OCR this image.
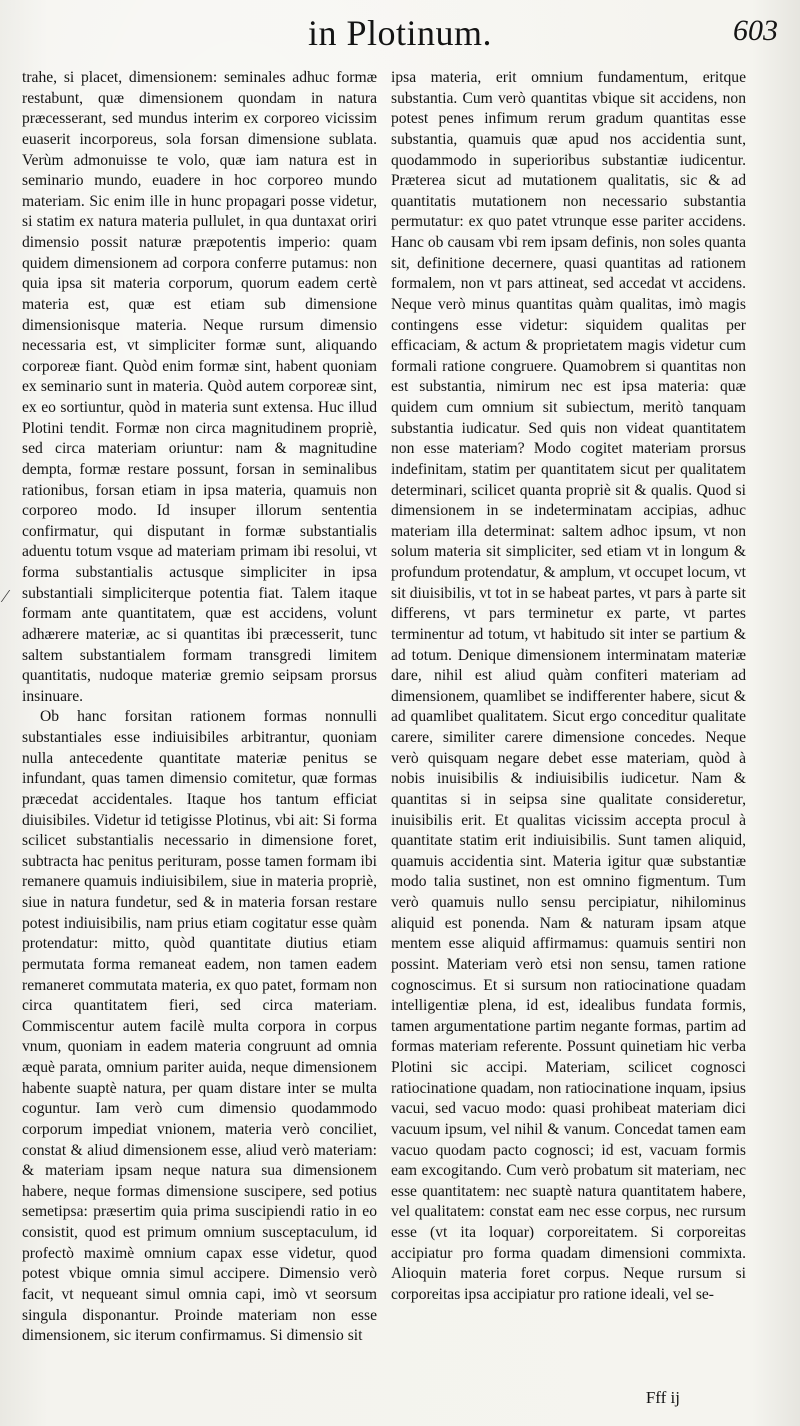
in Plotinum.	603

trahe, si placet, dimensionem: seminales adhuc formæ restabunt, quæ dimensionem quondam in natura præcesserant, sed mundus interim ex corporeo vicissim euaserit incorporeus, sola forsan dimensione sublata. Verùm admonuisse te volo, quæ iam natura est in seminario mundo, euadere in hoc corporeo mundo materiam. Sic enim ille in hunc propagari posse videtur, si statim ex natura materia pullulet, in qua duntaxat oriri dimensio possit naturæ præpotentis imperio: quam quidem dimensionem ad corpora conferre putamus: non quia ipsa sit materia corporum, quorum eadem certè materia est, quæ est etiam sub dimensione dimensionisque materia. Neque rursum dimensio necessaria est, vt simpliciter formæ sunt, aliquando corporeæ fiant. Quòd enim formæ sint, habent quoniam ex seminario sunt in materia. Quòd autem corporeæ sint, ex eo sortiuntur, quòd in materia sunt extensa. Huc illud Plotini tendit. Formæ non circa magnitudinem propriè, sed circa materiam oriuntur: nam & magnitudine dempta, formæ restare possunt, forsan in seminalibus rationibus, forsan etiam in ipsa materia, quamuis non corporeo modo. Id insuper illorum sententia confirmatur, qui disputant in formæ substantialis aduentu totum vsque ad materiam primam ibi resolui, vt forma substantialis actusque simpliciter in ipsa substantiali simpliciterque potentia fiat. Talem itaque formam ante quantitatem, quæ est accidens, volunt adhærere materiæ, ac si quantitas ibi præcesserit, tunc saltem substantialem formam transgredi limitem quantitatis, nudoque materiæ gremio seipsam prorsus insinuare.

Ob hanc forsitan rationem formas nonnulli substantiales esse indiuisibiles arbitrantur, quoniam nulla antecedente quantitate materiæ penitus se infundant, quas tamen dimensio comitetur, quæ formas præcedat accidentales. Itaque hos tantum efficiat diuisibiles. Videtur id tetigisse Plotinus, vbi ait: Si forma scilicet substantialis necessario in dimensione foret, subtracta hac penitus perituram, posse tamen formam ibi remanere quamuis indiuisibilem, siue in materia propriè, siue in natura fundetur, sed & in materia forsan restare potest indiuisibilis, nam prius etiam cogitatur esse quàm protendatur: mitto, quòd quantitate diutius etiam permutata forma remaneat eadem, non tamen eadem remaneret commutata materia, ex quo patet, formam non circa quantitatem fieri, sed circa materiam. Commiscentur autem facilè multa corpora in corpus vnum, quoniam in eadem materia congruunt ad omnia æquè parata, omnium pariter auida, neque dimensionem habente suaptè natura, per quam distare inter se multa coguntur. Iam verò cum dimensio quodammodo corporum impediat vnionem, materia verò conciliet, constat & aliud dimensionem esse, aliud verò materiam: & materiam ipsam neque natura sua dimensionem habere, neque formas dimensione suscipere, sed potius semetipsa: præsertim quia prima suscipiendi ratio in eo consistit, quod est primum omnium susceptaculum, id profectò maximè omnium capax esse videtur, quod potest vbique omnia simul accipere. Dimensio verò facit, vt nequeant simul omnia capi, imò vt seorsum singula disponantur. Proinde materiam non esse dimensionem, sic iterum confirmamus. Si dimensio sit

ipsa materia, erit omnium fundamentum, eritque substantia. Cum verò quantitas vbique sit accidens, non potest penes infimum rerum gradum quantitas esse substantia, quamuis quæ apud nos accidentia sunt, quodammodo in superioribus substantiæ iudicentur. Præterea sicut ad mutationem qualitatis, sic & ad quantitatis mutationem non necessario substantia permutatur: ex quo patet vtrunque esse pariter accidens. Hanc ob causam vbi rem ipsam definis, non soles quanta sit, definitione decernere, quasi quantitas ad rationem formalem, non vt pars attineat, sed accedat vt accidens. Neque verò minus quantitas quàm qualitas, imò magis contingens esse videtur: siquidem qualitas per efficaciam, & actum & proprietatem magis videtur cum formali ratione congruere. Quamobrem si quantitas non est substantia, nimirum nec est ipsa materia: quæ quidem cum omnium sit subiectum, meritò tanquam substantia iudicatur. Sed quis non videat quantitatem non esse materiam? Modo cogitet materiam prorsus indefinitam, statim per quantitatem sicut per qualitatem determinari, scilicet quanta propriè sit & qualis. Quod si dimensionem in se indeterminatam accipias, adhuc materiam illa determinat: saltem adhoc ipsum, vt non solum materia sit simpliciter, sed etiam vt in longum & profundum protendatur, & amplum, vt occupet locum, vt sit diuisibilis, vt tot in se habeat partes, vt pars à parte sit differens, vt pars terminetur ex parte, vt partes terminentur ad totum, vt habitudo sit inter se partium & ad totum. Denique dimensionem interminatam materiæ dare, nihil est aliud quàm confiteri materiam ad dimensionem, quamlibet se indifferenter habere, sicut & ad quamlibet qualitatem. Sicut ergo conceditur qualitate carere, similiter carere dimensione concedes. Neque verò quisquam negare debet esse materiam, quòd à nobis inuisibilis & indiuisibilis iudicetur. Nam & quantitas si in seipsa sine qualitate consideretur, inuisibilis erit. Et qualitas vicissim accepta procul à quantitate statim erit indiuisibilis. Sunt tamen aliquid, quamuis accidentia sint. Materia igitur quæ substantiæ modo talia sustinet, non est omnino figmentum. Tum verò quamuis nullo sensu percipiatur, nihilominus aliquid est ponenda. Nam & naturam ipsam atque mentem esse aliquid affirmamus: quamuis sentiri non possint. Materiam verò etsi non sensu, tamen ratione cognoscimus. Et si sursum non ratiocinatione quadam intelligentiæ plena, id est, idealibus fundata formis, tamen argumentatione partim negante formas, partim ad formas materiam referente. Possunt quinetiam hic verba Plotini sic accipi. Materiam, scilicet cognosci ratiocinatione quadam, non ratiocinatione inquam, ipsius vacui, sed vacuo modo: quasi prohibeat materiam dici vacuum ipsum, vel nihil & vanum. Concedat tamen eam vacuo quodam pacto cognosci; id est, vacuam formis eam excogitando. Cum verò probatum sit materiam, nec esse quantitatem: nec suaptè natura quantitatem habere, vel qualitatem: constat eam nec esse corpus, nec rursum esse (vt ita loquar) corporeitatem. Si corporeitas accipiatur pro forma quadam dimensioni commixta. Alioquin materia foret corpus. Neque rursum si corporeitas ipsa accipiatur pro ratione ideali, vel se-

⁄
Fff ij
